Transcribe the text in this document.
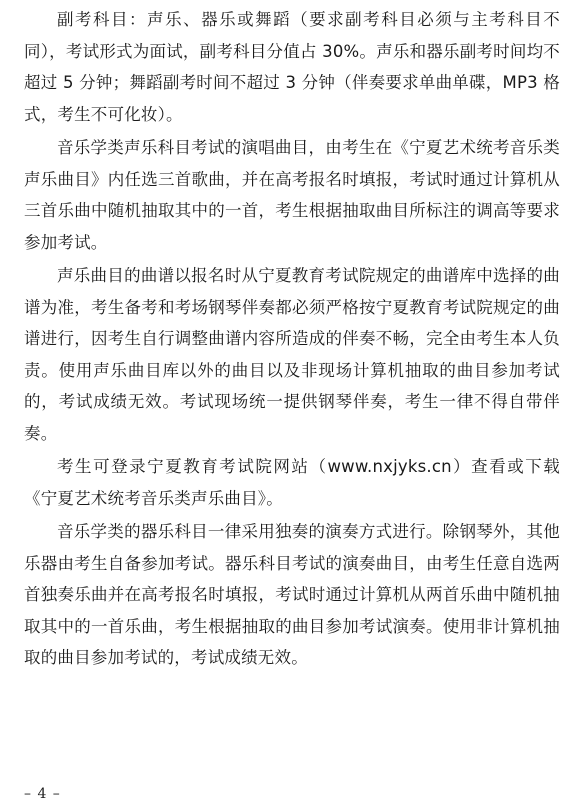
副考科目：声乐、器乐或舞蹈（要求副考科目必须与主考科目不同），考试形式为面试，副考科目分值占 30%。声乐和器乐副考时间均不超过 5 分钟；舞蹈副考时间不超过 3 分钟（伴奏要求单曲单碟，MP3 格式，考生不可化妆）。

音乐学类声乐科目考试的演唱曲目，由考生在《宁夏艺术统考音乐类声乐曲目》内任选三首歌曲，并在高考报名时填报，考试时通过计算机从三首乐曲中随机抽取其中的一首，考生根据抽取曲目所标注的调高等要求参加考试。

声乐曲目的曲谱以报名时从宁夏教育考试院规定的曲谱库中选择的曲谱为准，考生备考和考场钢琴伴奏都必须严格按宁夏教育考试院规定的曲谱进行，因考生自行调整曲谱内容所造成的伴奏不畅，完全由考生本人负责。使用声乐曲目库以外的曲目以及非现场计算机抽取的曲目参加考试的，考试成绩无效。考试现场统一提供钢琴伴奏，考生一律不得自带伴奏。

考生可登录宁夏教育考试院网站（www.nxjyks.cn）查看或下载《宁夏艺术统考音乐类声乐曲目》。

音乐学类的器乐科目一律采用独奏的演奏方式进行。除钢琴外，其他乐器由考生自备参加考试。器乐科目考试的演奏曲目，由考生任意自选两首独奏乐曲并在高考报名时填报，考试时通过计算机从两首乐曲中随机抽取其中的一首乐曲，考生根据抽取的曲目参加考试演奏。使用非计算机抽取的曲目参加考试的，考试成绩无效。

– 4 –
